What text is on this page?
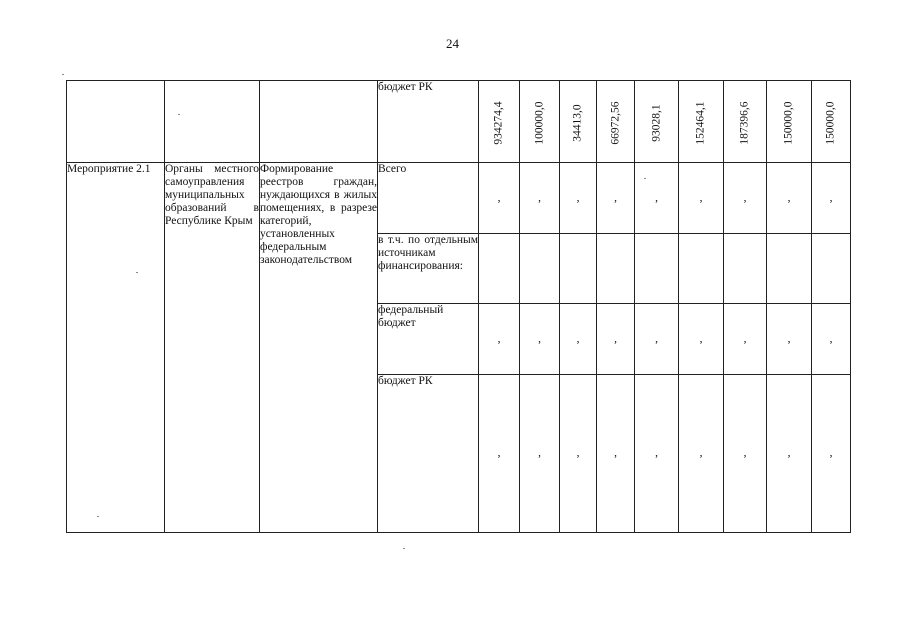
24
			бюджет РК	934274,4	100000,0	34413,0	66972,56	93028,1	152464,1	187396,6	150000,0	150000,0

Мероприятие 2.1	Органы местного самоуправления муниципальных образований в Республике Крым	Формирование реестров граждан, нуждающихся в жилых помещениях, в разрезе категорий, установленных федеральным законодательством	Всего	,	,	,	,	,	,	,	,	,
			в т.ч. по отдельным источникам финансирования:									
			федеральный бюджет	,	,	,	,	,	,	,	,	,
			бюджет РК	,	,	,	,	,	,	,	,	,
